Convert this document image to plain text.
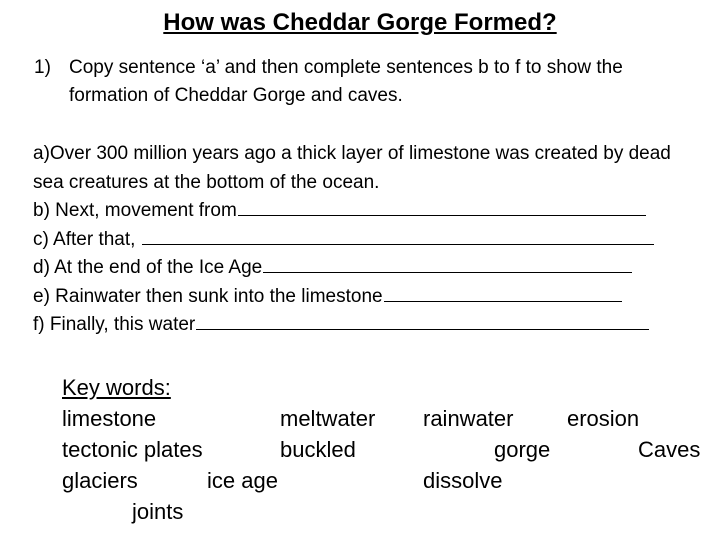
How was Cheddar Gorge Formed?
1) Copy sentence ‘a’ and then complete sentences b to f to show the formation of Cheddar Gorge and caves.
a)Over 300 million years ago a thick layer of limestone was created by dead sea creatures at the bottom of the ocean.
b) Next, movement from
c) After that,
d) At the end of the Ice Age
e) Rainwater then sunk into the limestone
f) Finally, this water
Key words:
limestone	meltwater rainwater erosion
tectonic plates	buckled	gorge	Caves
glaciers	ice age	dissolve
joints
